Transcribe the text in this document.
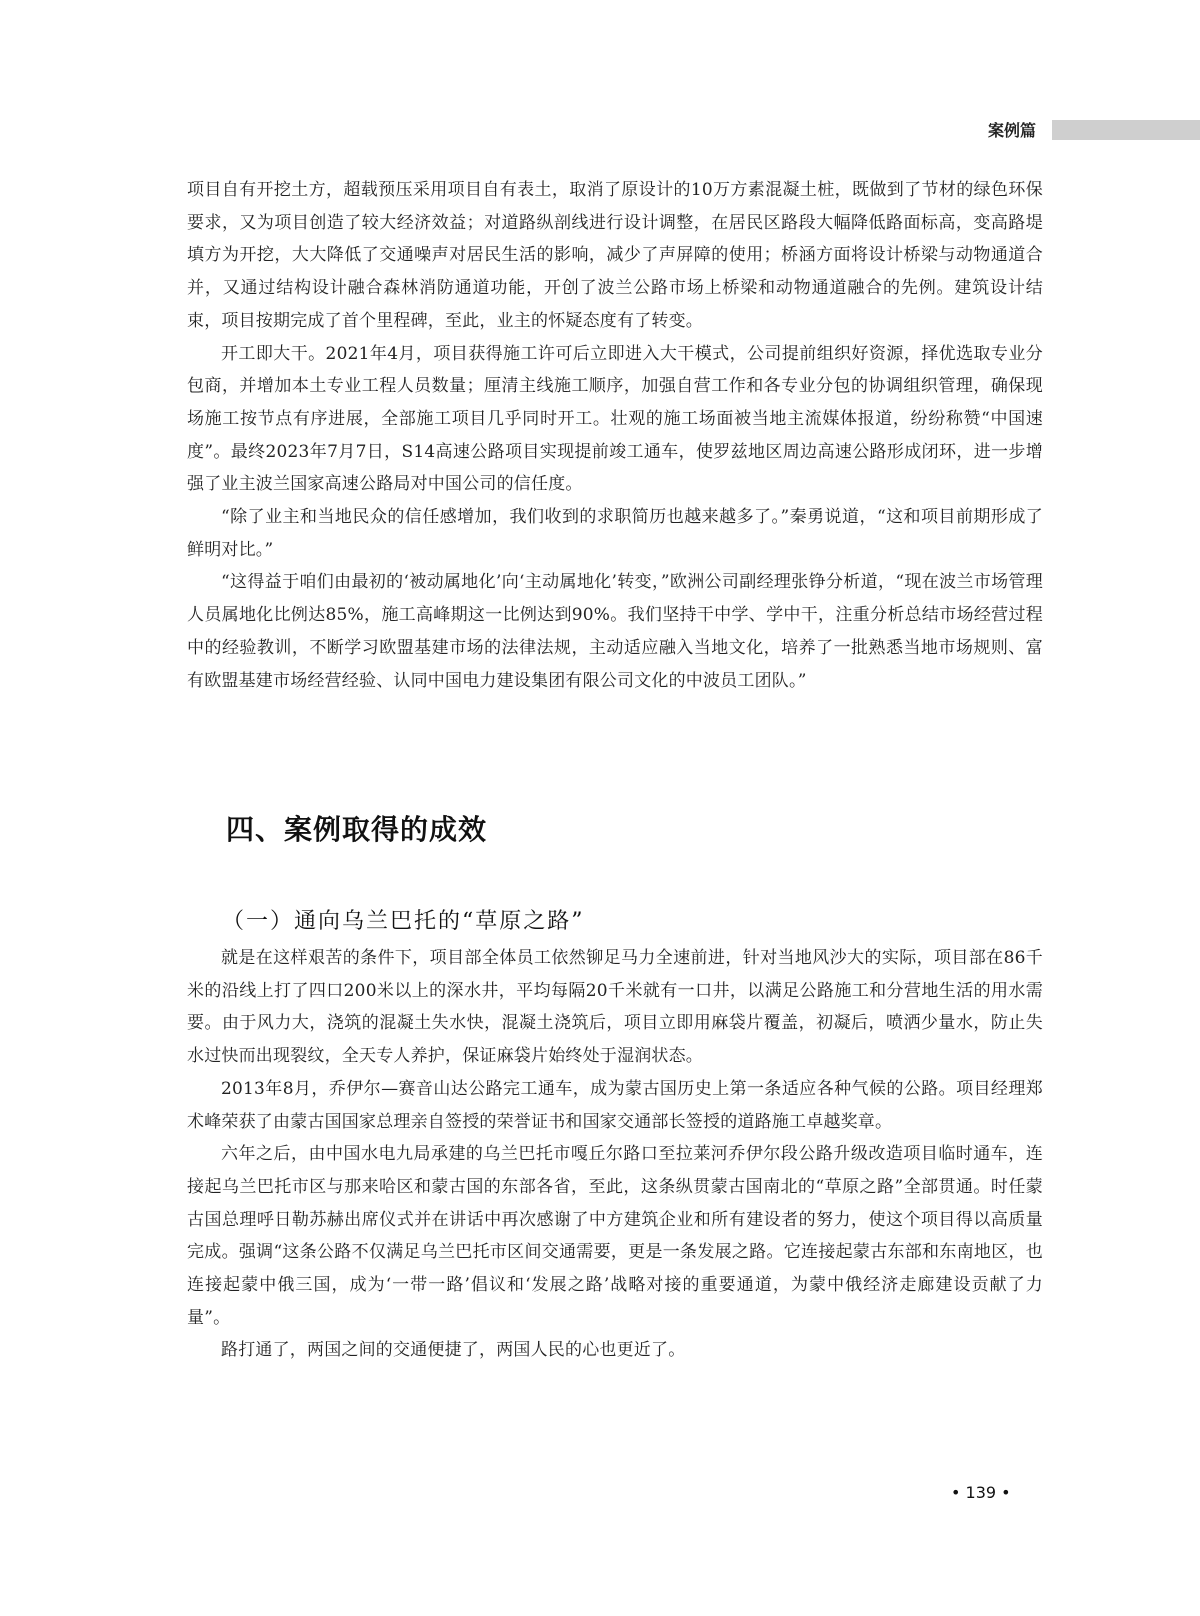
案例篇

项目自有开挖土方，超载预压采用项目自有表土，取消了原设计的10万方素混凝土桩，既做到了节材的绿色环保要求，又为项目创造了较大经济效益；对道路纵剖线进行设计调整，在居民区路段大幅降低路面标高，变高路堤填方为开挖，大大降低了交通噪声对居民生活的影响，减少了声屏障的使用；桥涵方面将设计桥梁与动物通道合并，又通过结构设计融合森林消防通道功能，开创了波兰公路市场上桥梁和动物通道融合的先例。建筑设计结束，项目按期完成了首个里程碑，至此，业主的怀疑态度有了转变。

开工即大干。2021年4月，项目获得施工许可后立即进入大干模式，公司提前组织好资源，择优选取专业分包商，并增加本土专业工程人员数量；厘清主线施工顺序，加强自营工作和各专业分包的协调组织管理，确保现场施工按节点有序进展，全部施工项目几乎同时开工。壮观的施工场面被当地主流媒体报道，纷纷称赞“中国速度”。最终2023年7月7日，S14高速公路项目实现提前竣工通车，使罗兹地区周边高速公路形成闭环，进一步增强了业主波兰国家高速公路局对中国公司的信任度。

“除了业主和当地民众的信任感增加，我们收到的求职简历也越来越多了。”秦勇说道，“这和项目前期形成了鲜明对比。”

“这得益于咱们由最初的‘被动属地化’向‘主动属地化’转变，”欧洲公司副经理张铮分析道，“现在波兰市场管理人员属地化比例达85%，施工高峰期这一比例达到90%。我们坚持干中学、学中干，注重分析总结市场经营过程中的经验教训，不断学习欧盟基建市场的法律法规，主动适应融入当地文化，培养了一批熟悉当地市场规则、富有欧盟基建市场经营经验、认同中国电力建设集团有限公司文化的中波员工团队。”

四、案例取得的成效
（一）通向乌兰巴托的“草原之路”

就是在这样艰苦的条件下，项目部全体员工依然铆足马力全速前进，针对当地风沙大的实际，项目部在86千米的沿线上打了四口200米以上的深水井，平均每隔20千米就有一口井，以满足公路施工和分营地生活的用水需要。由于风力大，浇筑的混凝土失水快，混凝土浇筑后，项目立即用麻袋片覆盖，初凝后，喷洒少量水，防止失水过快而出现裂纹，全天专人养护，保证麻袋片始终处于湿润状态。

2013年8月，乔伊尔—赛音山达公路完工通车，成为蒙古国历史上第一条适应各种气候的公路。项目经理郑术峰荣获了由蒙古国国家总理亲自签授的荣誉证书和国家交通部长签授的道路施工卓越奖章。

六年之后，由中国水电九局承建的乌兰巴托市嘎丘尔路口至拉莱河乔伊尔段公路升级改造项目临时通车，连接起乌兰巴托市区与那来哈区和蒙古国的东部各省，至此，这条纵贯蒙古国南北的“草原之路”全部贯通。时任蒙古国总理呼日勒苏赫出席仪式并在讲话中再次感谢了中方建筑企业和所有建设者的努力，使这个项目得以高质量完成。强调“这条公路不仅满足乌兰巴托市区间交通需要，更是一条发展之路。它连接起蒙古东部和东南地区，也连接起蒙中俄三国，成为‘一带一路’倡议和‘发展之路’战略对接的重要通道，为蒙中俄经济走廊建设贡献了力量”。

路打通了，两国之间的交通便捷了，两国人民的心也更近了。

• 139 •
